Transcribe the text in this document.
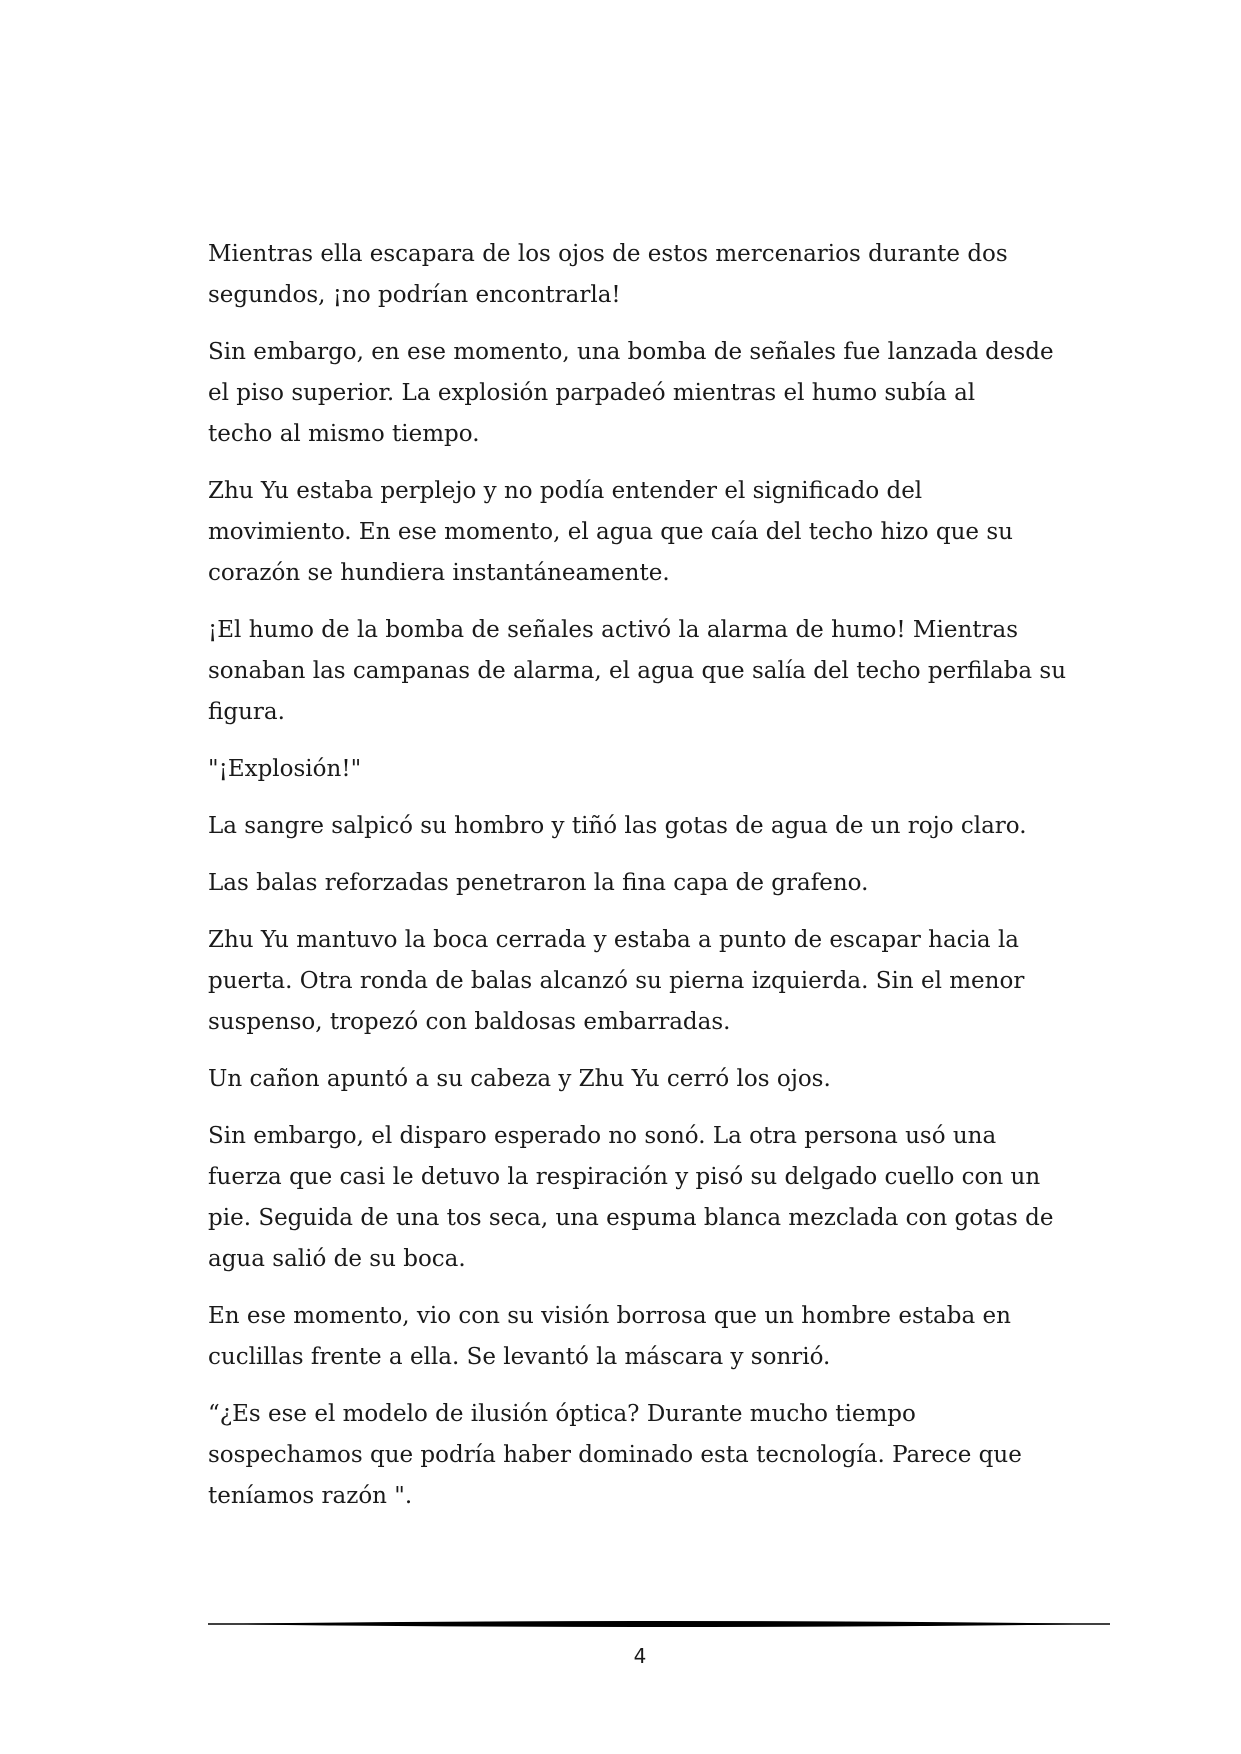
Mientras ella escapara de los ojos de estos mercenarios durante dos
segundos, ¡no podrían encontrarla!

Sin embargo, en ese momento, una bomba de señales fue lanzada desde
el piso superior. La explosión parpadeó mientras el humo subía al
techo al mismo tiempo.

Zhu Yu estaba perplejo y no podía entender el significado del
movimiento. En ese momento, el agua que caía del techo hizo que su
corazón se hundiera instantáneamente.

¡El humo de la bomba de señales activó la alarma de humo! Mientras
sonaban las campanas de alarma, el agua que salía del techo perfilaba su
figura.

"¡Explosión!"

La sangre salpicó su hombro y tiñó las gotas de agua de un rojo claro.

Las balas reforzadas penetraron la fina capa de grafeno.

Zhu Yu mantuvo la boca cerrada y estaba a punto de escapar hacia la
puerta. Otra ronda de balas alcanzó su pierna izquierda. Sin el menor
suspenso, tropezó con baldosas embarradas.

Un cañon apuntó a su cabeza y Zhu Yu cerró los ojos.

Sin embargo, el disparo esperado no sonó. La otra persona usó una
fuerza que casi le detuvo la respiración y pisó su delgado cuello con un
pie. Seguida de una tos seca, una espuma blanca mezclada con gotas de
agua salió de su boca.

En ese momento, vio con su visión borrosa que un hombre estaba en
cuclillas frente a ella. Se levantó la máscara y sonrió.

“¿Es ese el modelo de ilusión óptica? Durante mucho tiempo
sospechamos que podría haber dominado esta tecnología. Parece que
teníamos razón ".

4
